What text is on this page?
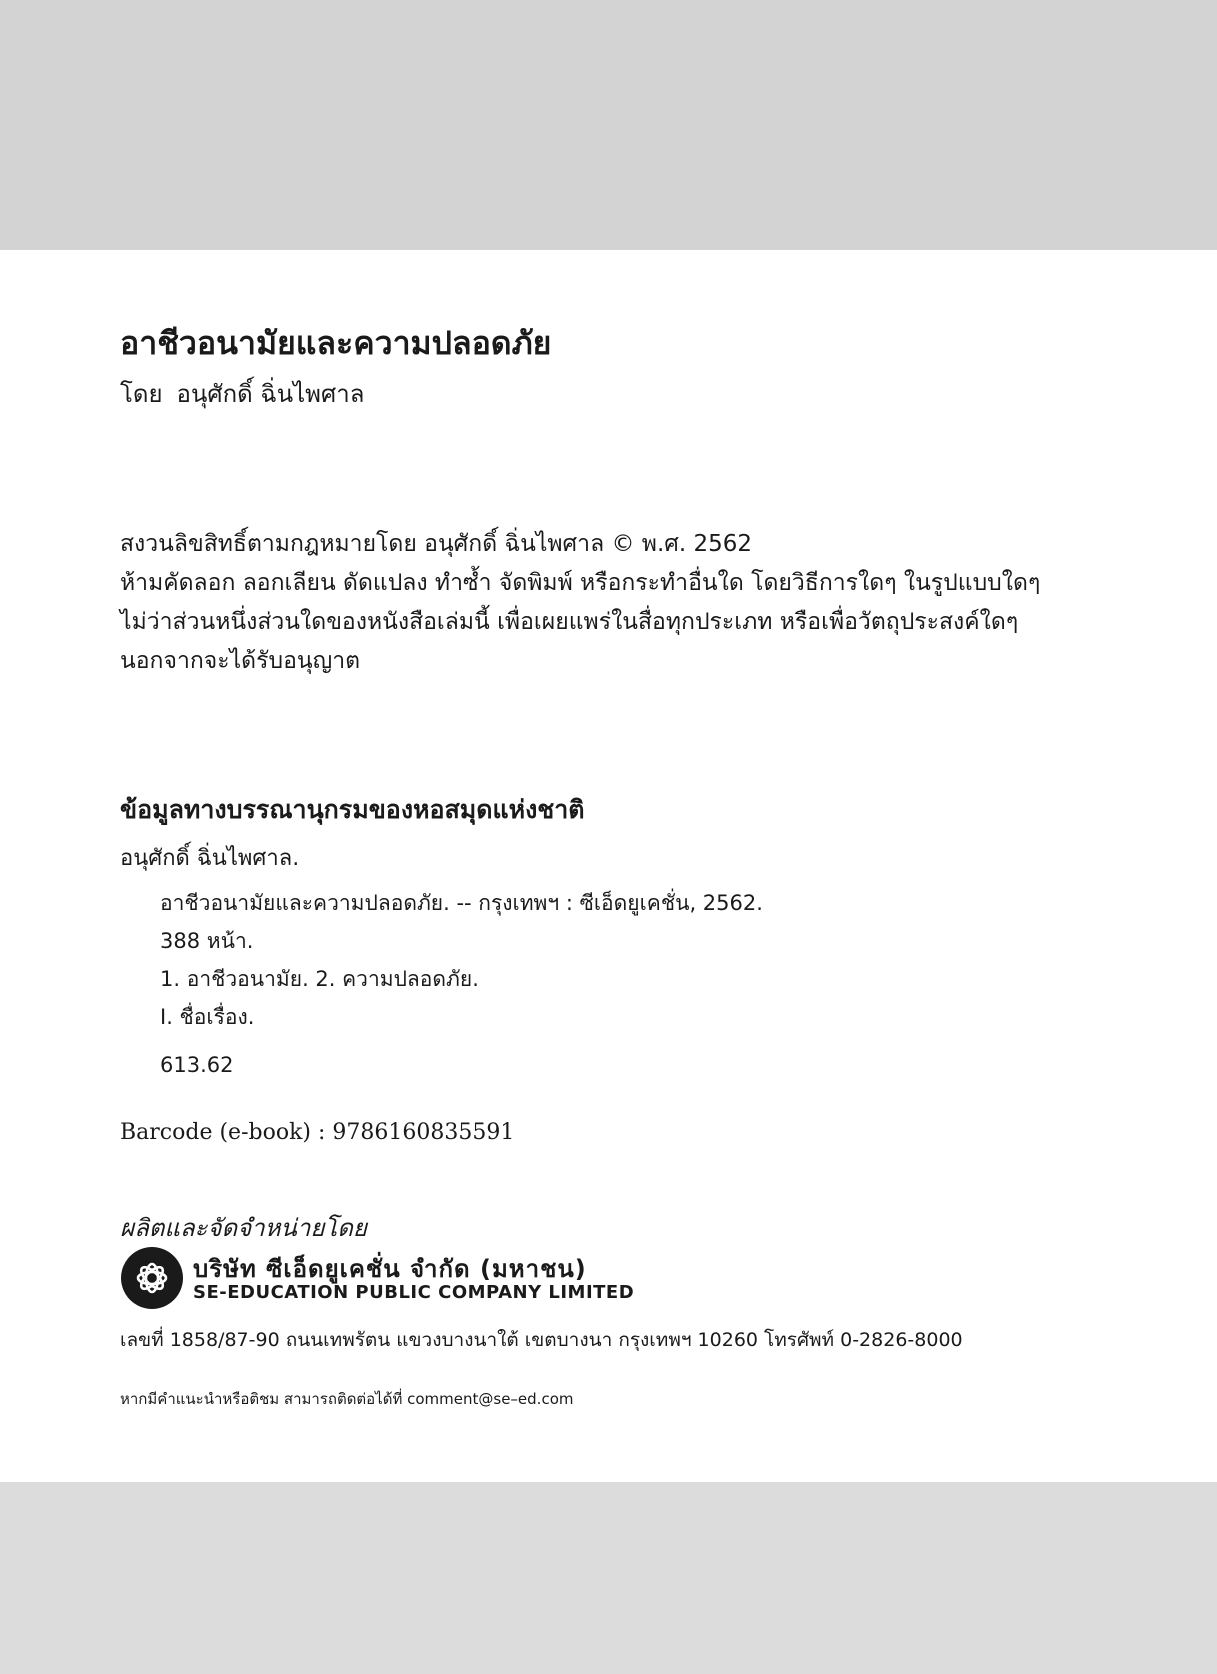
อาชีวอนามัยและความปลอดภัย
โดย อนุศักดิ์ ฉิ่นไพศาล
สงวนลิขสิทธิ์ตามกฎหมายโดย อนุศักดิ์ ฉิ่นไพศาล © พ.ศ. 2562
ห้ามคัดลอก ลอกเลียน ดัดแปลง ทำซ้ำ จัดพิมพ์ หรือกระทำอื่นใด โดยวิธีการใดๆ ในรูปแบบใดๆ
ไม่ว่าส่วนหนึ่งส่วนใดของหนังสือเล่มนี้ เพื่อเผยแพร่ในสื่อทุกประเภท หรือเพื่อวัตถุประสงค์ใดๆ
นอกจากจะได้รับอนุญาต
ข้อมูลทางบรรณานุกรมของหอสมุดแห่งชาติ
อนุศักดิ์ ฉิ่นไพศาล.
อาชีวอนามัยและความปลอดภัย. -- กรุงเทพฯ : ซีเอ็ดยูเคชั่น, 2562.
388 หน้า.
1. อาชีวอนามัย. 2. ความปลอดภัย.
I. ชื่อเรื่อง.
613.62
Barcode (e-book) : 9786160835591
ผลิตและจัดจำหน่ายโดย
บริษัท ซีเอ็ดยูเคชั่น จำกัด (มหาชน)
SE-EDUCATION PUBLIC COMPANY LIMITED
เลขที่ 1858/87-90 ถนนเทพรัตน แขวงบางนาใต้ เขตบางนา กรุงเทพฯ 10260 โทรศัพท์ 0-2826-8000
หากมีคำแนะนำหรือติชม สามารถติดต่อได้ที่ comment@se–ed.com
